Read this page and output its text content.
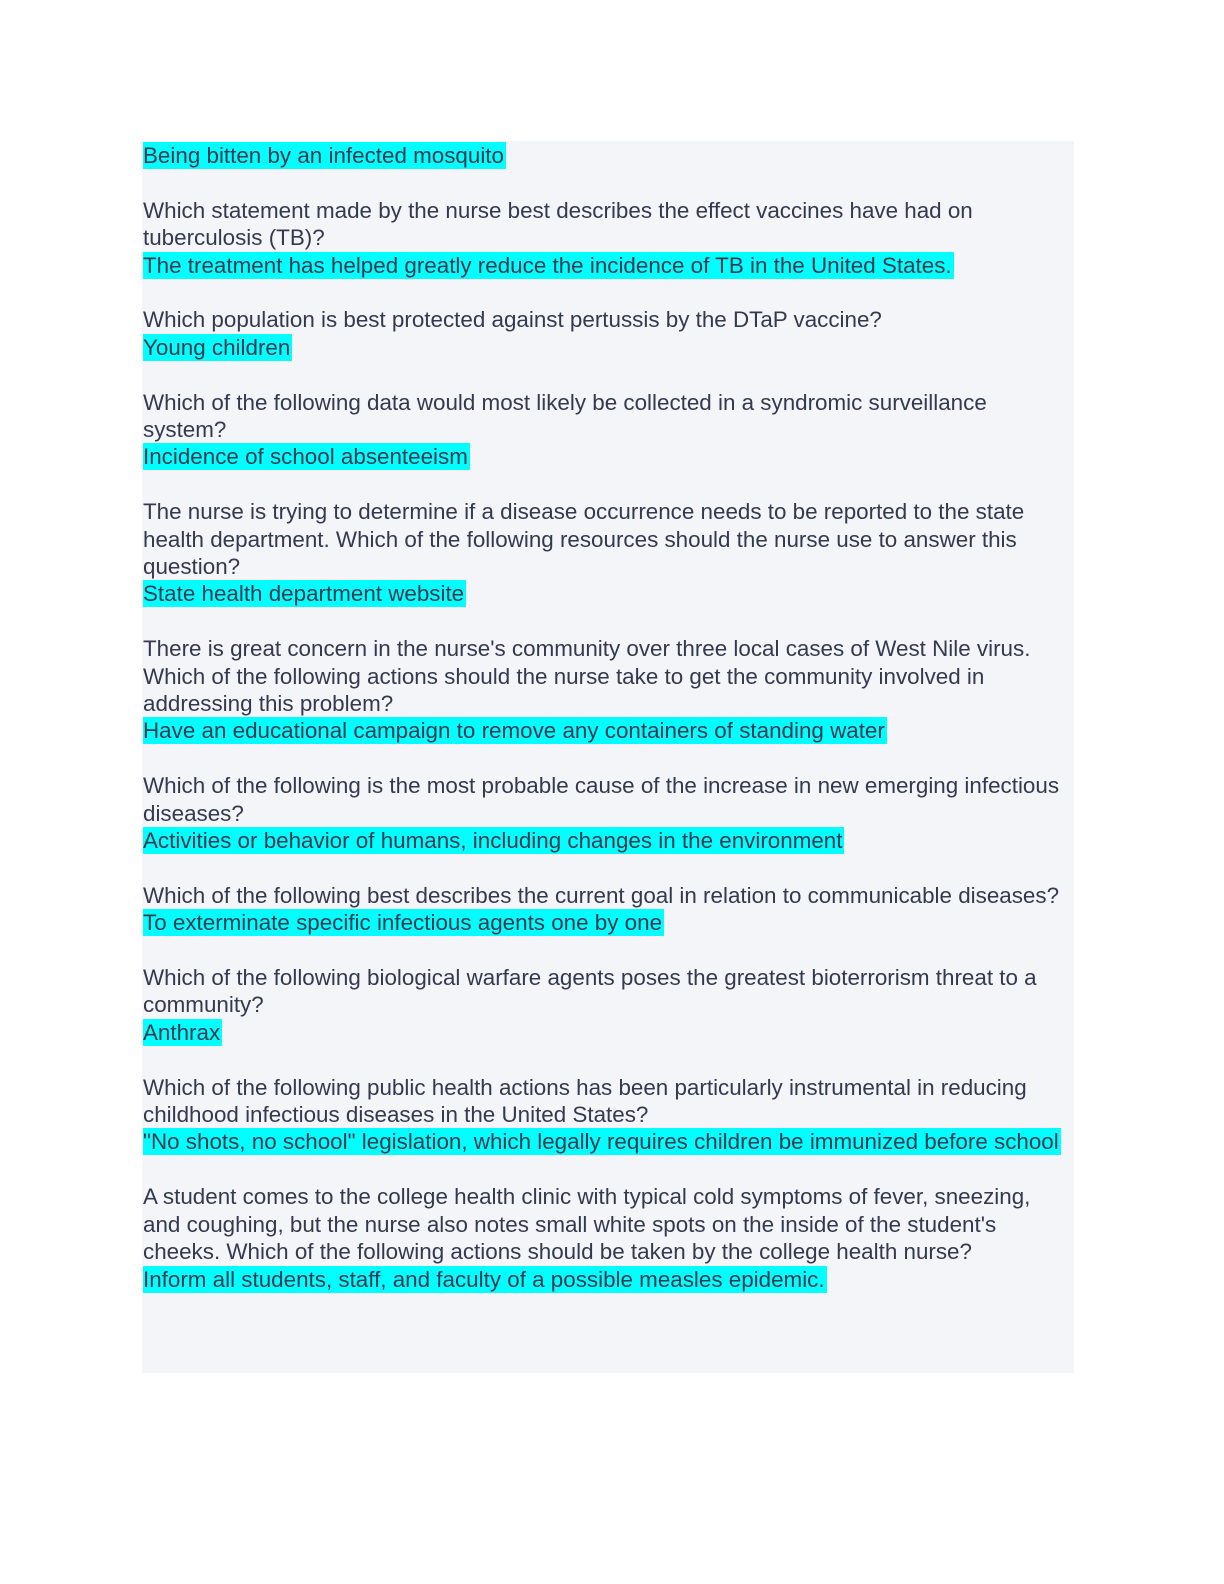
Being bitten by an infected mosquito
Which statement made by the nurse best describes the effect vaccines have had on tuberculosis (TB)?
The treatment has helped greatly reduce the incidence of TB in the United States.
Which population is best protected against pertussis by the DTaP vaccine?
Young children
Which of the following data would most likely be collected in a syndromic surveillance system?
Incidence of school absenteeism
The nurse is trying to determine if a disease occurrence needs to be reported to the state health department. Which of the following resources should the nurse use to answer this question?
State health department website
There is great concern in the nurse's community over three local cases of West Nile virus. Which of the following actions should the nurse take to get the community involved in addressing this problem?
Have an educational campaign to remove any containers of standing water
Which of the following is the most probable cause of the increase in new emerging infectious diseases?
Activities or behavior of humans, including changes in the environment
Which of the following best describes the current goal in relation to communicable diseases?
To exterminate specific infectious agents one by one
Which of the following biological warfare agents poses the greatest bioterrorism threat to a community?
Anthrax
Which of the following public health actions has been particularly instrumental in reducing childhood infectious diseases in the United States?
"No shots, no school" legislation, which legally requires children be immunized before school
A student comes to the college health clinic with typical cold symptoms of fever, sneezing, and coughing, but the nurse also notes small white spots on the inside of the student's cheeks. Which of the following actions should be taken by the college health nurse?
Inform all students, staff, and faculty of a possible measles epidemic.
